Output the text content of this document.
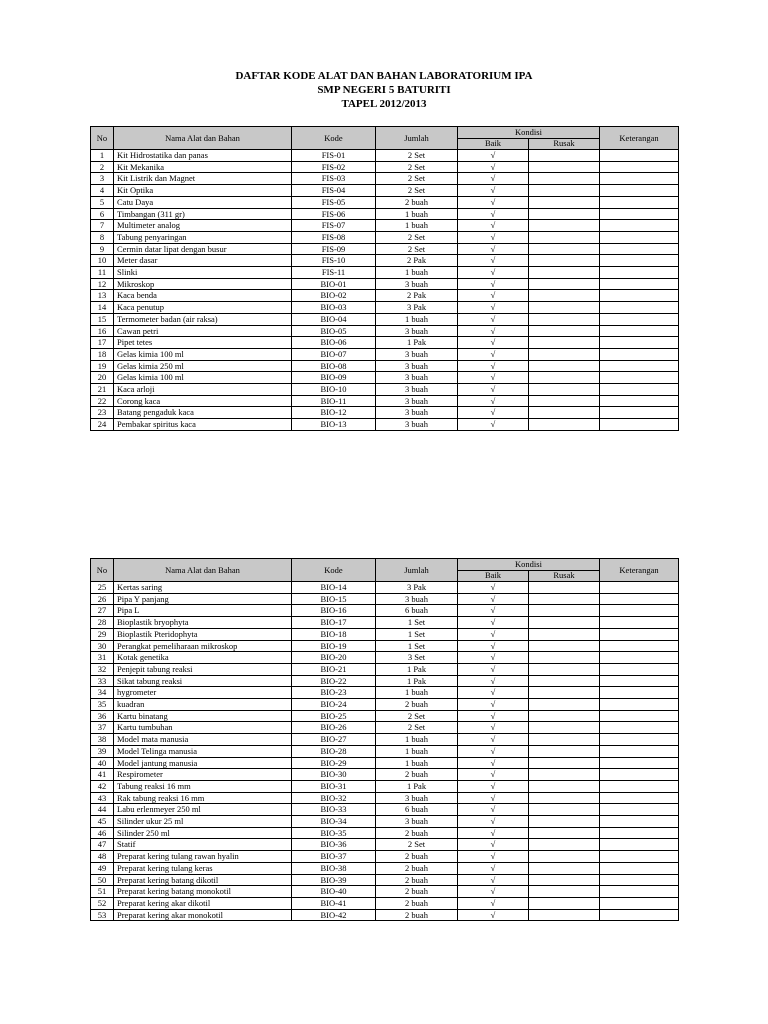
DAFTAR KODE ALAT DAN BAHAN LABORATORIUM IPA
SMP NEGERI 5 BATURITI
TAPEL 2012/2013
No	Nama Alat dan Bahan	Kode	Jumlah	Kondisi		Keterangan
				Baik	Rusak	
1	Kit Hidrostatika dan panas	FIS-01	2 Set	√		
2	Kit Mekanika	FIS-02	2 Set	√		
3	Kit Listrik dan Magnet	FIS-03	2 Set	√		
4	Kit Optika	FIS-04	2 Set	√		
5	Catu Daya	FIS-05	2 buah	√		
6	Timbangan (311 gr)	FIS-06	1 buah	√		
7	Multimeter analog	FIS-07	1 buah	√		
8	Tabung penyaringan	FIS-08	2 Set	√		
9	Cermin datar lipat dengan busur	FIS-09	2 Set	√		
10	Meter dasar	FIS-10	2 Pak	√		
11	Slinki	FIS-11	1 buah	√		
12	Mikroskop	BIO-01	3 buah	√		
13	Kaca benda	BIO-02	2 Pak	√		
14	Kaca penutup	BIO-03	3 Pak	√		
15	Termometer badan (air raksa)	BIO-04	1 buah	√		
16	Cawan petri	BIO-05	3 buah	√		
17	Pipet tetes	BIO-06	1 Pak	√		
18	Gelas kimia 100 ml	BIO-07	3 buah	√		
19	Gelas kimia 250 ml	BIO-08	3 buah	√		
20	Gelas kimia 100 ml	BIO-09	3 buah	√		
21	Kaca arloji	BIO-10	3 buah	√		
22	Corong kaca	BIO-11	3 buah	√		
23	Batang pengaduk kaca	BIO-12	3 buah	√		
24	Pembakar spiritus kaca	BIO-13	3 buah	√		
No	Nama Alat dan Bahan	Kode	Jumlah	Kondisi		Keterangan
				Baik	Rusak	
25	Kertas saring	BIO-14	3 Pak	√		
26	Pipa Y panjang	BIO-15	3 buah	√		
27	Pipa L	BIO-16	6 buah	√		
28	Bioplastik bryophyta	BIO-17	1 Set	√		
29	Bioplastik Pteridophyta	BIO-18	1 Set	√		
30	Perangkat pemeliharaan mikroskop	BIO-19	1 Set	√		
31	Kotak genetika	BIO-20	3 Set	√		
32	Penjepit tabung reaksi	BIO-21	1 Pak	√		
33	Sikat tabung reaksi	BIO-22	1 Pak	√		
34	hygrometer	BIO-23	1 buah	√		
35	kuadran	BIO-24	2 buah	√		
36	Kartu binatang	BIO-25	2 Set	√		
37	Kartu tumbuhan	BIO-26	2 Set	√		
38	Model mata manusia	BIO-27	1 buah	√		
39	Model Telinga manusia	BIO-28	1 buah	√		
40	Model jantung manusia	BIO-29	1 buah	√		
41	Respirometer	BIO-30	2 buah	√		
42	Tabung reaksi 16 mm	BIO-31	1 Pak	√		
43	Rak tabung reaksi 16 mm	BIO-32	3 buah	√		
44	Labu erlenmeyer 250 ml	BIO-33	6 buah	√		
45	Silinder ukur 25 ml	BIO-34	3 buah	√		
46	Silinder 250 ml	BIO-35	2 buah	√		
47	Statif	BIO-36	2 Set	√		
48	Preparat kering tulang rawan hyalin	BIO-37	2 buah	√		
49	Preparat kering tulang keras	BIO-38	2 buah	√		
50	Preparat kering batang dikotil	BIO-39	2 buah	√		
51	Preparat kering batang monokotil	BIO-40	2 buah	√		
52	Preparat kering akar dikotil	BIO-41	2 buah	√		
53	Preparat kering akar monokotil	BIO-42	2 buah	√		
